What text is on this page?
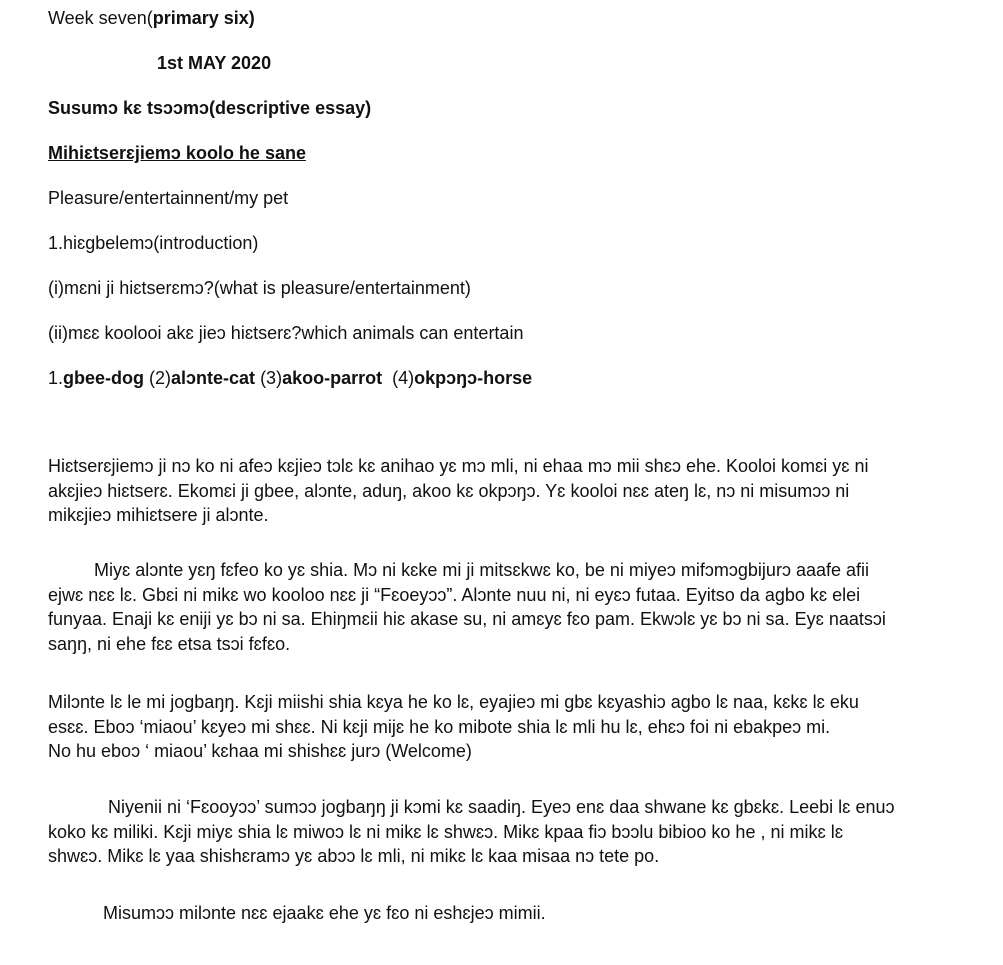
Week seven(primary six)
1st MAY 2020
Susumɔ kɛ tsɔɔmɔ(descriptive essay)
Mihiɛtserɛjiemɔ koolo he sane
Pleasure/entertainnent/my pet
1.hiɛgbelemɔ(introduction)
(i)mɛni ji hiɛtserɛmɔ?(what is pleasure/entertainment)
(ii)mɛɛ koolooi akɛ jieɔ hiɛtserɛ?which animals can entertain
1.gbee-dog (2)alɔnte-cat (3)akoo-parrot  (4)okpɔŋɔ-horse
Hiɛtserɛjiemɔ ji nɔ ko ni afeɔ kɛjieɔ tɔlɛ kɛ anihao yɛ mɔ mli, ni ehaa mɔ mii shɛɔ ehe. Kooloi komɛi yɛ ni
akɛjieɔ hiɛtserɛ. Ekomɛi ji gbee, alɔnte, aduŋ, akoo kɛ okpɔŋɔ. Yɛ kooloi nɛɛ ateŋ lɛ, nɔ ni misumɔɔ ni
mikɛjieɔ mihiɛtsere ji alɔnte.
Miyɛ alɔnte yɛŋ fɛfeo ko yɛ shia. Mɔ ni kɛke mi ji mitsɛkwɛ ko, be ni miyeɔ mifɔmɔgbijurɔ aaafe afii
ejwɛ nɛɛ lɛ. Gbɛi ni mikɛ wo kooloo nɛɛ ji “Fɛoeyɔɔ”. Alɔnte nuu ni, ni eyɛɔ futaa. Eyitso da agbo kɛ elei
funyaa. Enaji kɛ eniji yɛ bɔ ni sa. Ehiŋmɛii hiɛ akase su, ni amɛyɛ fɛo pam. Ekwɔlɛ yɛ bɔ ni sa. Eyɛ naatsɔi
saŋŋ, ni ehe fɛɛ etsa tsɔi fɛfɛo.
Milɔnte lɛ le mi jogbaŋŋ. Kɛji miishi shia kɛya he ko lɛ, eyajieɔ mi gbɛ kɛyashiɔ agbo lɛ naa, kɛkɛ lɛ eku
esɛɛ. Eboɔ ‘miaou’ kɛyeɔ mi shɛɛ. Ni kɛji mijɛ he ko mibote shia lɛ mli hu lɛ, ehɛɔ foi ni ebakpeɔ mi.
No hu eboɔ ‘ miaou’ kɛhaa mi shishɛɛ jurɔ (Welcome)
Niyenii ni ‘Fɛooyɔɔ’ sumɔɔ jogbaŋŋ ji kɔmi kɛ saadiŋ. Eyeɔ enɛ daa shwane kɛ gbɛkɛ. Leebi lɛ enuɔ
koko kɛ miliki. Kɛji miyɛ shia lɛ miwoɔ lɛ ni mikɛ lɛ shwɛɔ. Mikɛ kpaa fiɔ bɔɔlu bibioo ko he , ni mikɛ lɛ
shwɛɔ. Mikɛ lɛ yaa shishɛramɔ yɛ abɔɔ lɛ mli, ni mikɛ lɛ kaa misaa nɔ tete po.
Misumɔɔ milɔnte nɛɛ ejaakɛ ehe yɛ fɛo ni eshɛjeɔ mimii.
